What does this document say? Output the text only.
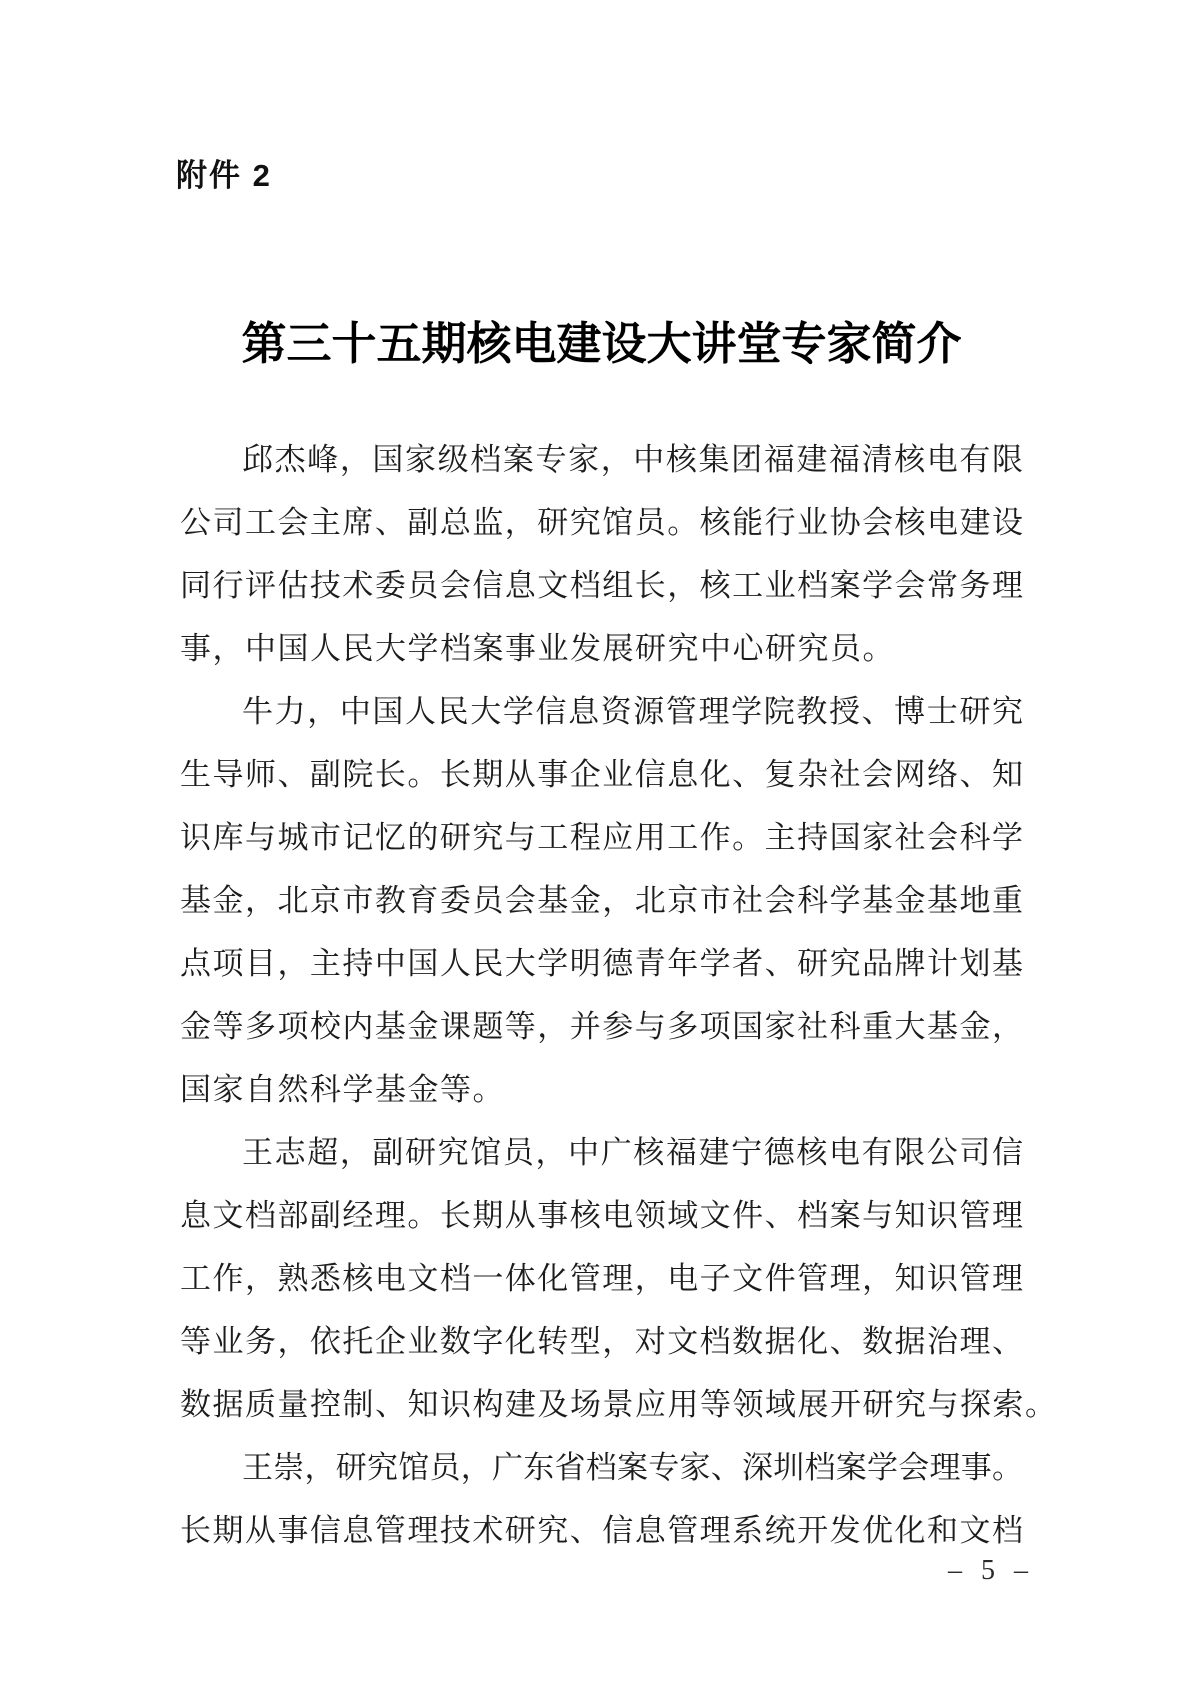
附件 2
第三十五期核电建设大讲堂专家简介
邱杰峰，国家级档案专家，中核集团福建福清核电有限
公司工会主席、副总监，研究馆员。核能行业协会核电建设
同行评估技术委员会信息文档组长，核工业档案学会常务理
事，中国人民大学档案事业发展研究中心研究员。
牛力，中国人民大学信息资源管理学院教授、博士研究
生导师、副院长。长期从事企业信息化、复杂社会网络、知
识库与城市记忆的研究与工程应用工作。主持国家社会科学
基金，北京市教育委员会基金，北京市社会科学基金基地重
点项目，主持中国人民大学明德青年学者、研究品牌计划基
金等多项校内基金课题等，并参与多项国家社科重大基金，
国家自然科学基金等。
王志超，副研究馆员，中广核福建宁德核电有限公司信
息文档部副经理。长期从事核电领域文件、档案与知识管理
工作，熟悉核电文档一体化管理，电子文件管理，知识管理
等业务，依托企业数字化转型，对文档数据化、数据治理、
数据质量控制、知识构建及场景应用等领域展开研究与探索。
王崇，研究馆员，广东省档案专家、深圳档案学会理事。
长期从事信息管理技术研究、信息管理系统开发优化和文档
– 5 –
